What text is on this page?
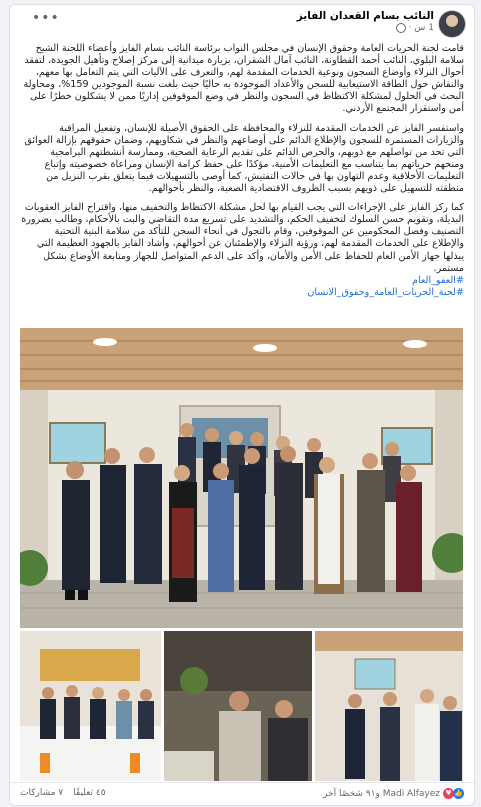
النائب بسام القعدان الفايز
1 س
·
•••

قامت لجنة الحريات العامة وحقوق الإنسان في مجلس النواب برئاسة النائب بسام الفايز وأعضاء اللجنة الشيخ سلامة البلوي، النائب أحمد القطاونة، النائب آمال الشقران، بزيارة ميدانية إلى مركز إصلاح وتأهيل الجويدة، لتفقد أحوال النزلاء وأوضاع السجون ونوعية الخدمات المقدمة لهم، والتعرف على الآليات التي يتم التعامل بها معهم، والنقاش حول الطاقة الاستيعابية للسجن والأعداد الموجودة به حاليًا حيث بلغت نسبة الموجودين 159%، ومحاولة البحث في الحلول لمشكلة الاكتظاظ في السجون والنظر في وضع الموقوفين إداريًا ممن لا يشكلون خطرًا على أمن واستقرار المجتمع الأردني.

واستفسر الفايز عن الخدمات المقدمة للنزلاء والمحافظة على الحقوق الأصيلة للإنسان، وتفعيل المراقبة والزيارات المستمرة للسجون والإطلاع الدائم على أوضاعهم والنظر في شكاويهم، وضمان حقوقهم بإزالة العوائق التي تحد من تواصلهم مع ذويهم، والحرص الدائم على تقديم الرعاية الصحية، وممارسة أنشطتهم البرامجية ومنحهم حرياتهم بما يتناسب مع التعليمات الأمنية، مؤكدًا على حفظ كرامة الإنسان ومراعاة خصوصيته وإتباع التعليمات الأخلاقية وعدم التهاون بها في حالات التفتيش، كما أوصى بالتسهيلات فيما يتعلق بقرب النزيل من منطقته للتسهيل على ذويهم بسبب الظروف الاقتصادية الصعبة، والنظر بأحوالهم.

كما ركز الفايز على الإجراءات التي يجب القيام بها لحل مشكلة الاكتظاظ والتخفيف منها، واقتراح الفايز العقوبات البديلة، وتقويم حسن السلوك لتخفيف الحكم، والتشديد على تسريع مدة التقاضي والبت بالأحكام، وطالب بضرورة التصنيف وفصل المحكومين عن الموقوفين، وقام بالتجول في أنحاء السجن للتأكد من سلامة البنية التحتية والإطلاع على الخدمات المقدمة لهم، ورؤية النزلاء والإطمئنان عن أحوالهم، وأشاد الفايز بالجهود العظيمة التي يبذلها جهاز الأمن العام للحفاظ على الأمن والأمان، وأكد على الدعم المتواصل للجهاز ومتابعة الأوضاع بشكل مستمر.

#العفو_العام
#لجنة_الحريات_العامة_وحقوق_الانسان
👍
♥
Madi Alfayez و٩١ شخصًا آخر
٤٥ تعليقًا
٧ مشاركات
